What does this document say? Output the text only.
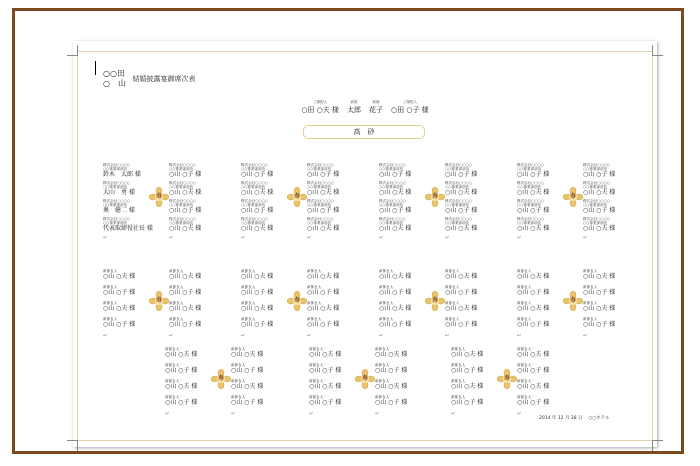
○○田
○　山 結婚披露宴御席次表
ご媒酌人
○田 ○夫 様
新郎
太郎
新婦
花子
ご媒酌人
○田 ○子 様
高　砂
株式会社○○○○
○○事業部部長
鈴木　太郎 様
株式会社○○○○
○○事業部部長
大山　勇 様
株式会社○○○○
○○事業部部長
奥　健二 様
株式会社○○○○
○○事業部部長
代表取締役社長 様
↵
株式会社○○○○
○○事業部部長
○山 ○子 様
株式会社○○○○
○○事業部部長
○山 ○夫 様
株式会社○○○○
○○事業部部長
○山 ○子 様
株式会社○○○○
○○事業部部長
○山 ○夫 様
↵
株式会社○○○○
○○事業部部長
○山 ○子 様
株式会社○○○○
○○事業部部長
○山 ○夫 様
株式会社○○○○
○○事業部部長
○山 ○子 様
株式会社○○○○
○○事業部部長
○山 ○夫 様
↵
株式会社○○○○
○○事業部部長
○山 ○子 様
株式会社○○○○
○○事業部部長
○山 ○夫 様
株式会社○○○○
○○事業部部長
○山 ○子 様
株式会社○○○○
○○事業部部長
○山 ○夫 様
↵
株式会社○○○○
○○事業部部長
○山 ○子 様
株式会社○○○○
○○事業部部長
○山 ○夫 様
株式会社○○○○
○○事業部部長
○山 ○子 様
株式会社○○○○
○○事業部部長
○山 ○夫 様
↵
株式会社○○○○
○○事業部部長
○山 ○子 様
株式会社○○○○
○○事業部部長
○山 ○夫 様
株式会社○○○○
○○事業部部長
○山 ○子 様
株式会社○○○○
○○事業部部長
○山 ○夫 様
↵
株式会社○○○○
○○事業部部長
○山 ○子 様
株式会社○○○○
○○事業部部長
○山 ○夫 様
株式会社○○○○
○○事業部部長
○山 ○子 様
株式会社○○○○
○○事業部部長
○山 ○夫 様
↵
株式会社○○○○
○○事業部部長
○山 ○子 様
株式会社○○○○
○○事業部部長
○山 ○夫 様
株式会社○○○○
○○事業部部長
○山 ○子 様
株式会社○○○○
○○事業部部長
○山 ○夫 様
↵
寿	寿	寿	寿
新郎友人
○山 ○夫 様
新郎友人
○山 ○子 様
新郎友人
○山 ○夫 様
新郎友人
○山 ○子 様
↵
新郎友人
○山 ○夫 様
新郎友人
○山 ○子 様
新郎友人
○山 ○夫 様
新郎友人
○山 ○子 様
↵
新郎友人
○山 ○夫 様
新郎友人
○山 ○子 様
新郎友人
○山 ○夫 様
新郎友人
○山 ○子 様
↵
新郎友人
○山 ○夫 様
新郎友人
○山 ○子 様
新郎友人
○山 ○夫 様
新郎友人
○山 ○子 様
↵
新郎友人
○山 ○夫 様
新郎友人
○山 ○子 様
新郎友人
○山 ○夫 様
新郎友人
○山 ○子 様
↵
新郎友人
○山 ○夫 様
新郎友人
○山 ○子 様
新郎友人
○山 ○夫 様
新郎友人
○山 ○子 様
↵
新郎友人
○山 ○夫 様
新郎友人
○山 ○子 様
新郎友人
○山 ○夫 様
新郎友人
○山 ○子 様
↵
新郎友人
○山 ○夫 様
新郎友人
○山 ○子 様
新郎友人
○山 ○夫 様
新郎友人
○山 ○子 様
↵
寿	寿	寿	寿
新郎友人
○山 ○夫 様
新郎友人
○山 ○子 様
新郎友人
○山 ○夫 様
新郎友人
○山 ○子 様
↵
新郎友人
○山 ○夫 様
新郎友人
○山 ○子 様
新郎友人
○山 ○夫 様
新郎友人
○山 ○子 様
↵
新郎友人
○山 ○夫 様
新郎友人
○山 ○子 様
新郎友人
○山 ○夫 様
新郎友人
○山 ○子 様
↵
新郎友人
○山 ○夫 様
新郎友人
○山 ○子 様
新郎友人
○山 ○夫 様
新郎友人
○山 ○子 様
↵
新郎友人
○山 ○夫 様
新郎友人
○山 ○子 様
新郎友人
○山 ○夫 様
新郎友人
○山 ○子 様
↵
新郎友人
○山 ○夫 様
新郎友人
○山 ○子 様
新郎友人
○山 ○夫 様
新郎友人
○山 ○子 様
↵
寿	寿	寿
2014 年 12 月 28 日 ○○ホテル
